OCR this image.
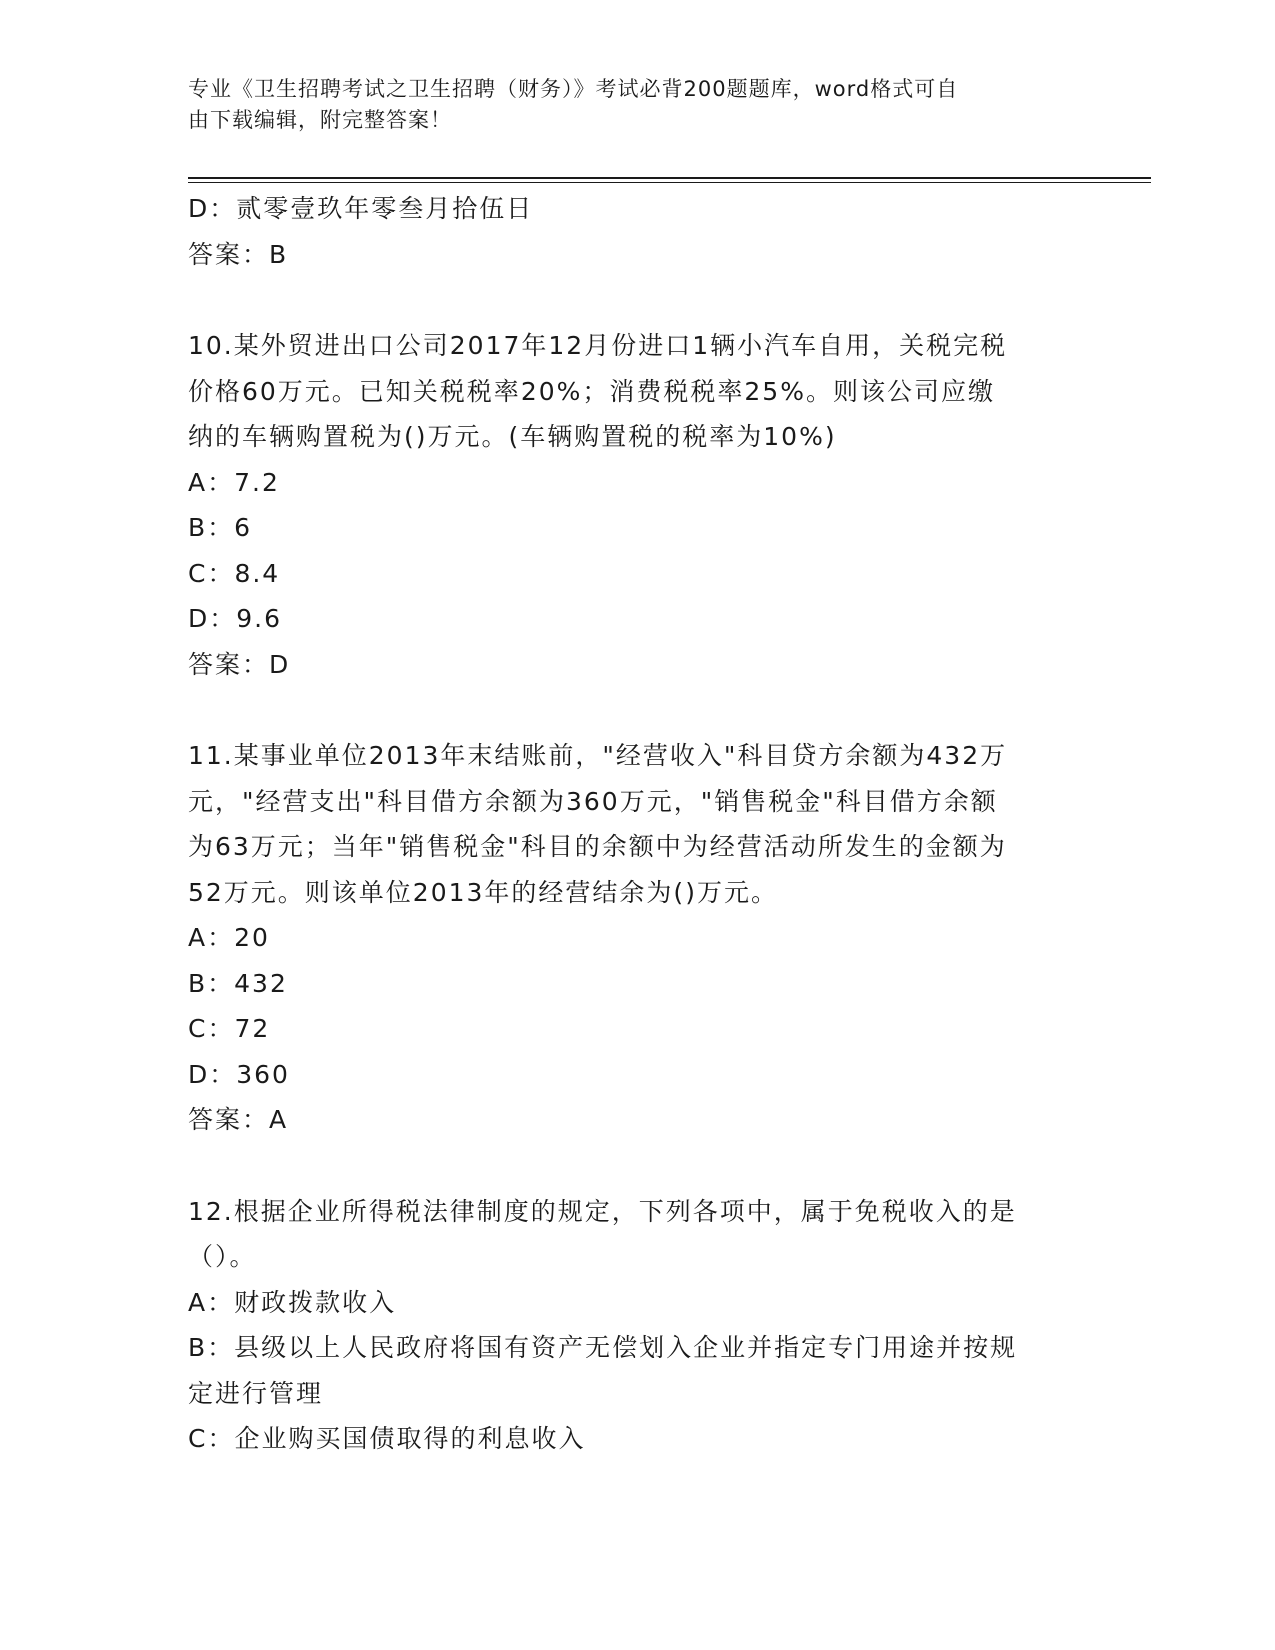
专业《卫生招聘考试之卫生招聘（财务）》考试必背200题题库，word格式可自
由下载编辑，附完整答案！
D：贰零壹玖年零叁月拾伍日
答案：B
10.某外贸进出口公司2017年12月份进口1辆小汽车自用，关税完税
价格60万元。已知关税税率20%；消费税税率25%。则该公司应缴
纳的车辆购置税为()万元。(车辆购置税的税率为10%)
A：7.2
B：6
C：8.4
D：9.6
答案：D
11.某事业单位2013年末结账前，"经营收入"科目贷方余额为432万
元，"经营支出"科目借方余额为360万元，"销售税金"科目借方余额
为63万元；当年"销售税金"科目的余额中为经营活动所发生的金额为
52万元。则该单位2013年的经营结余为()万元。
A：20
B：432
C：72
D：360
答案：A
12.根据企业所得税法律制度的规定，下列各项中，属于免税收入的是
（）。
A：财政拨款收入
B：县级以上人民政府将国有资产无偿划入企业并指定专门用途并按规
定进行管理
C：企业购买国债取得的利息收入
